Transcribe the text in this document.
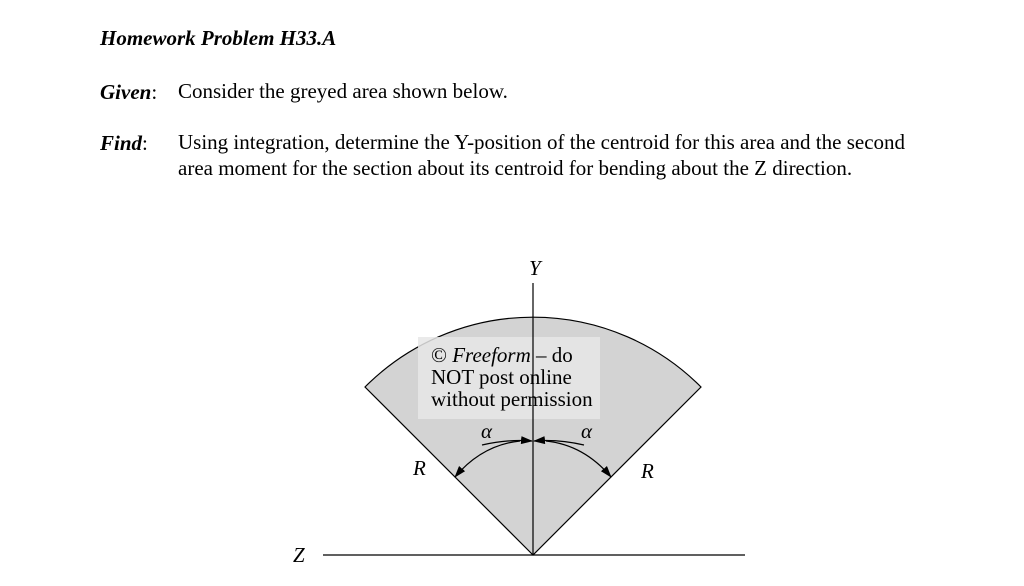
Homework Problem H33.A
Given: Consider the greyed area shown below.
Find: Using integration, determine the Y-position of the centroid for this area and the second area moment for the section about its centroid for bending about the Z direction.
Y
Z
R	R
α	α
© Freeform – do
NOT post online
without permission
